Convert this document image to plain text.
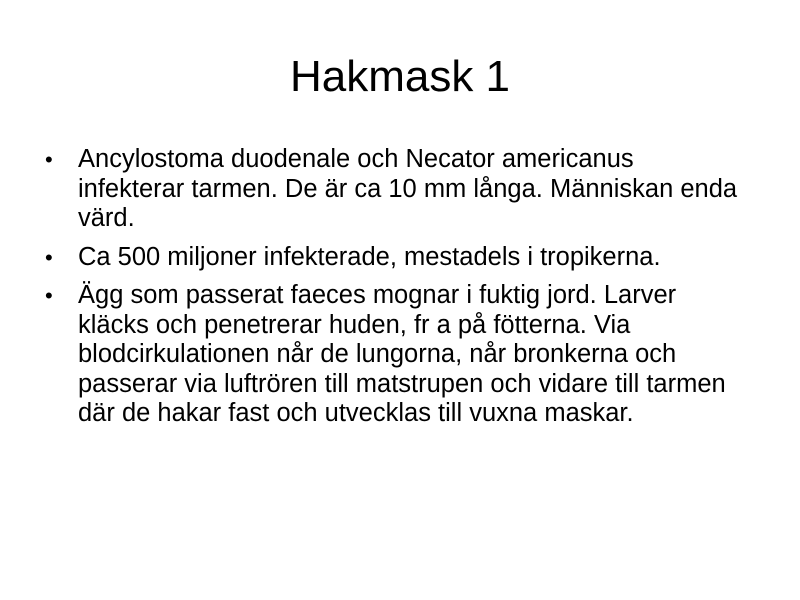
Hakmask 1
• Ancylostoma duodenale och Necator americanus infekterar tarmen. De är ca 10 mm långa. Människan enda värd.
• Ca 500 miljoner infekterade, mestadels i tropikerna.
• Ägg som passerat faeces mognar i fuktig jord. Larver kläcks och penetrerar huden, fr a på fötterna. Via blodcirkulationen når de lungorna, når bronkerna och passerar via luftrören till matstrupen och vidare till tarmen där de hakar fast och utvecklas till vuxna maskar.
